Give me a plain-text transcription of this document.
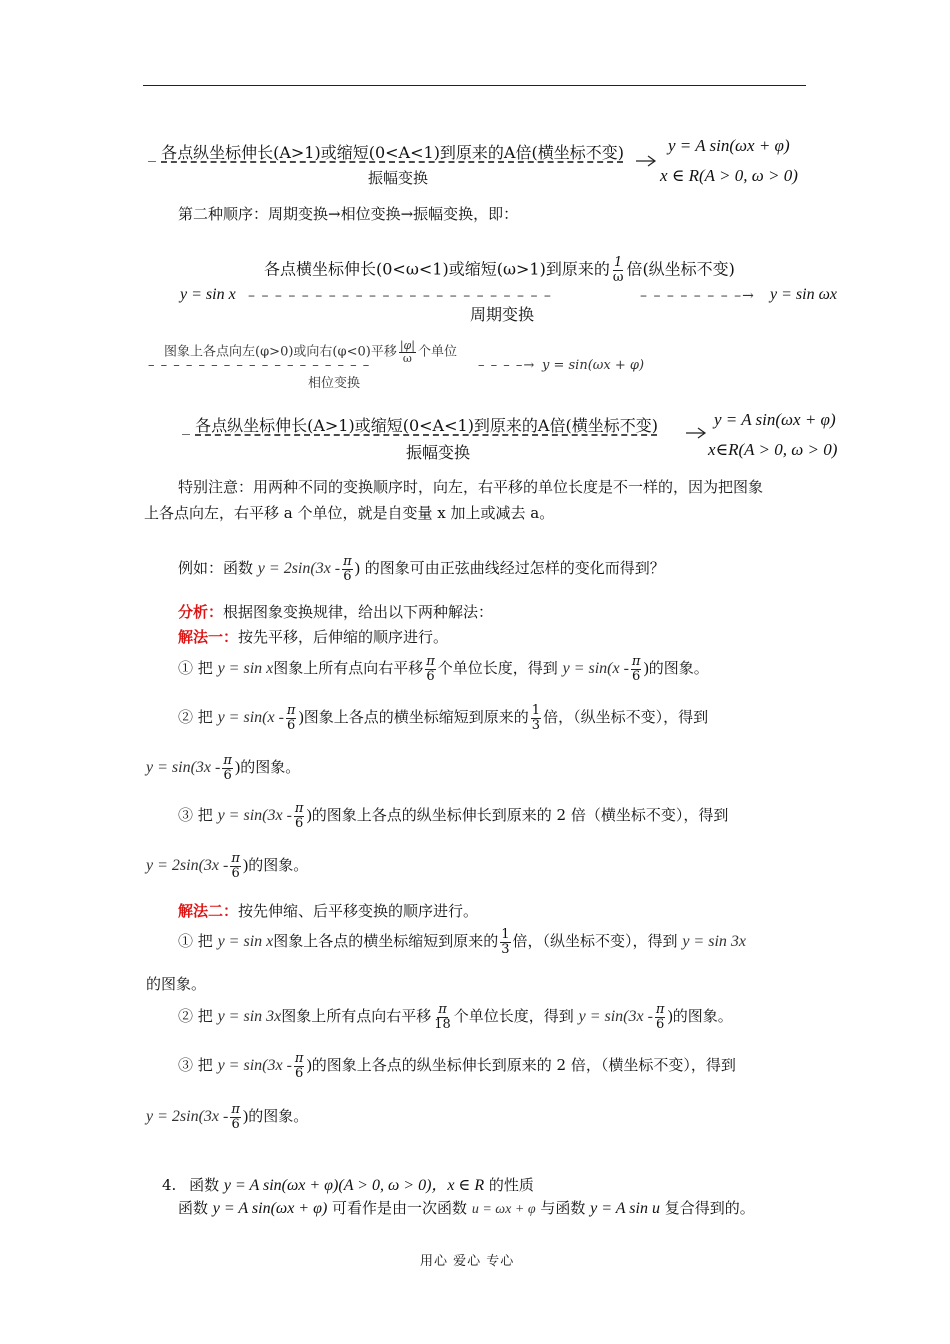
_ 各点纵坐标伸长(A>1)或缩短(0<A<1)到原来的A倍(横坐标不变)
振幅变换
y = A sin(ωx + φ)
x ∈ R(A > 0, ω > 0)
第二种顺序：周期变换→相位变换→振幅变换，即：
各点横坐标伸长(0<ω<1)或缩短(ω>1)到原来的 $\frac{1}{\omega}$ 倍(纵坐标不变)
y = sin x – – – – – – – – – – – – – – – – – – – – – – –	– – – – – – – –→ y = sin ωx
周期变换
图象上各点向左(φ>0)或向右(φ<0)平移 $\frac{|\varphi|}{\omega}$ 个单位
– – – – – – – – – – – – – – – – – –	– – – –→ y = sin(ωx + φ)
相位变换
_ 各点纵坐标伸长(A>1)或缩短(0<A<1)到原来的A倍(横坐标不变)
振幅变换
y = A sin(ωx + φ)
x∈R(A > 0, ω > 0)
特别注意：用两种不同的变换顺序时，向左，右平移的单位长度是不一样的，因为把图象
上各点向左，右平移 a 个单位，就是自变量 x 加上或减去 a。
例如：函数 $y = 2\sin(3x - \frac{\pi}{6}$ ) 的图象可由正弦曲线经过怎样的变化而得到？
分析：根据图象变换规律，给出以下两种解法：
解法一：按先平移，后伸缩的顺序进行。
① 把 y = sin x图象上所有点向右平移 $\frac{\pi}{6}$ 个单位长度，得到 $y = \sin(x - \frac{\pi}{6}$ )的图象。
② 把 $y = \sin(x - \frac{\pi}{6}$ )图象上各点的横坐标缩短到原来的 $\frac{1}{3}$ 倍，（纵坐标不变），得到
$y = \sin(3x - \frac{\pi}{6}$ )的图象。
③ 把 $y = \sin(3x - \frac{\pi}{6}$ )的图象上各点的纵坐标伸长到原来的 2 倍（横坐标不变），得到
$y = 2\sin(3x - \frac{\pi}{6}$ )的图象。
解法二：按先伸缩、后平移变换的顺序进行。
① 把 y = sin x图象上各点的横坐标缩短到原来的 $\frac{1}{3}$ 倍，（纵坐标不变），得到 y = sin 3x
的图象。
② 把 y = sin 3x图象上所有点向右平移 $\frac{\pi}{18}$ 个单位长度，得到 $y = \sin(3x - \frac{\pi}{6}$ )的图象。
③ 把 $y = \sin(3x - \frac{\pi}{6}$ )的图象上各点的纵坐标伸长到原来的 2 倍，（横坐标不变），得到
$y = 2\sin(3x - \frac{\pi}{6}$ )的图象。
4. 函数 y = A sin(ωx + φ)(A > 0, ω > 0)，x ∈ R 的性质
函数 y = A sin(ωx + φ) 可看作是由一次函数 u = ωx + φ 与函数 y = A sin u 复合得到的。
用心 爱心 专心
